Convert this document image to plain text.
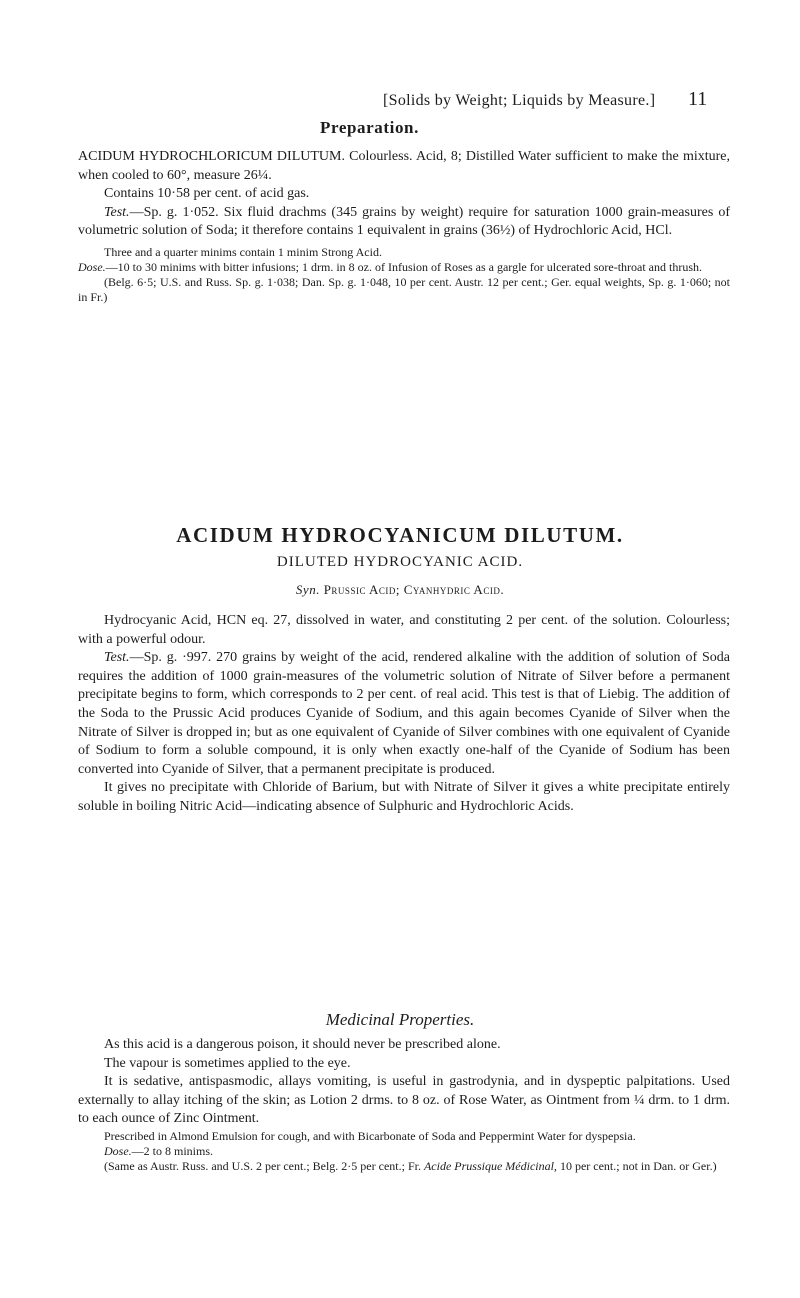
[Solids by Weight; Liquids by Measure.] 11
Preparation.

ACIDUM HYDROCHLORICUM DILUTUM. Colourless. Acid, 8; Distilled Water sufficient to make the mixture, when cooled to 60°, measure 26¼.

Contains 10·58 per cent. of acid gas.

Test.—Sp. g. 1·052. Six fluid drachms (345 grains by weight) require for saturation 1000 grain-measures of volumetric solution of Soda; it therefore contains 1 equivalent in grains (36½) of Hydrochloric Acid, HCl.

Three and a quarter minims contain 1 minim Strong Acid.

Dose.—10 to 30 minims with bitter infusions; 1 drm. in 8 oz. of Infusion of Roses as a gargle for ulcerated sore-throat and thrush.

(Belg. 6·5; U.S. and Russ. Sp. g. 1·038; Dan. Sp. g. 1·048, 10 per cent. Austr. 12 per cent.; Ger. equal weights, Sp. g. 1·060; not in Fr.)

ACIDUM HYDROCYANICUM DILUTUM.
DILUTED HYDROCYANIC ACID.
Syn. Prussic Acid; Cyanhydric Acid.

Hydrocyanic Acid, HCN eq. 27, dissolved in water, and constituting 2 per cent. of the solution. Colourless; with a powerful odour.

Test.—Sp. g. ·997. 270 grains by weight of the acid, rendered alkaline with the addition of solution of Soda requires the addition of 1000 grain-measures of the volumetric solution of Nitrate of Silver before a permanent precipitate begins to form, which corresponds to 2 per cent. of real acid. This test is that of Liebig. The addition of the Soda to the Prussic Acid produces Cyanide of Sodium, and this again becomes Cyanide of Silver when the Nitrate of Silver is dropped in; but as one equivalent of Cyanide of Silver combines with one equivalent of Cyanide of Sodium to form a soluble compound, it is only when exactly one-half of the Cyanide of Sodium has been converted into Cyanide of Silver, that a permanent precipitate is produced.

It gives no precipitate with Chloride of Barium, but with Nitrate of Silver it gives a white precipitate entirely soluble in boiling Nitric Acid—indicating absence of Sulphuric and Hydrochloric Acids.

Medicinal Properties.

As this acid is a dangerous poison, it should never be prescribed alone.

The vapour is sometimes applied to the eye.

It is sedative, antispasmodic, allays vomiting, is useful in gastrodynia, and in dyspeptic palpitations. Used externally to allay itching of the skin; as Lotion 2 drms. to 8 oz. of Rose Water, as Ointment from ¼ drm. to 1 drm. to each ounce of Zinc Ointment.

Prescribed in Almond Emulsion for cough, and with Bicarbonate of Soda and Peppermint Water for dyspepsia.

Dose.—2 to 8 minims.

(Same as Austr. Russ. and U.S. 2 per cent.; Belg. 2·5 per cent.; Fr. Acide Prussique Médicinal, 10 per cent.; not in Dan. or Ger.)
